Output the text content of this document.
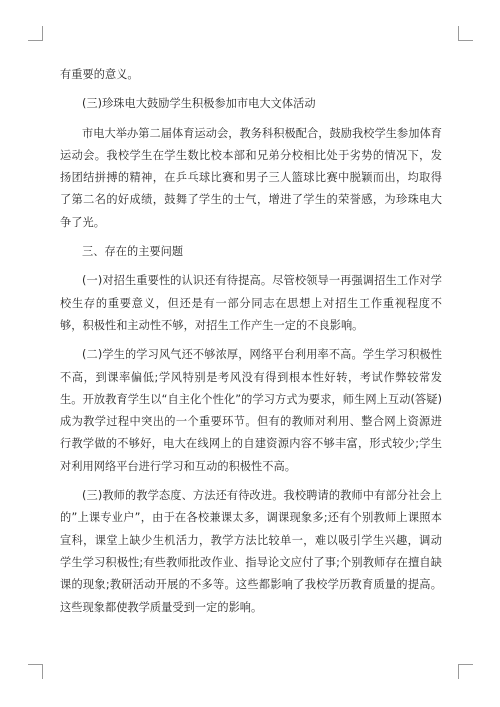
有重要的意义。

(三)珍珠电大鼓励学生积极参加市电大文体活动

市电大举办第二届体育运动会，教务科积极配合，鼓励我校学生参加体育运动会。我校学生在学生数比校本部和兄弟分校相比处于劣势的情况下，发扬团结拼搏的精神，在乒乓球比赛和男子三人篮球比赛中脱颖而出，均取得了第二名的好成绩，鼓舞了学生的士气，增进了学生的荣誉感，为珍珠电大争了光。

三、存在的主要问题

(一)对招生重要性的认识还有待提高。尽管校领导一再强调招生工作对学校生存的重要意义，但还是有一部分同志在思想上对招生工作重视程度不够，积极性和主动性不够，对招生工作产生一定的不良影响。

(二)学生的学习风气还不够浓厚，网络平台利用率不高。学生学习积极性不高，到课率偏低;学风特别是考风没有得到根本性好转，考试作弊较常发生。开放教育学生以“自主化个性化”的学习方式为要求，师生网上互动(答疑)成为教学过程中突出的一个重要环节。但有的教师对利用、整合网上资源进行教学做的不够好，电大在线网上的自建资源内容不够丰富，形式较少;学生对利用网络平台进行学习和互动的积极性不高。

(三)教师的教学态度、方法还有待改进。我校聘请的教师中有部分社会上的”上课专业户”，由于在各校兼课太多，调课现象多;还有个别教师上课照本宣科，课堂上缺少生机活力，教学方法比较单一，难以吸引学生兴趣，调动学生学习积极性;有些教师批改作业、指导论文应付了事;个别教师存在擅自缺课的现象;教研活动开展的不多等。这些都影响了我校学历教育质量的提高。这些现象都使教学质量受到一定的影响。
